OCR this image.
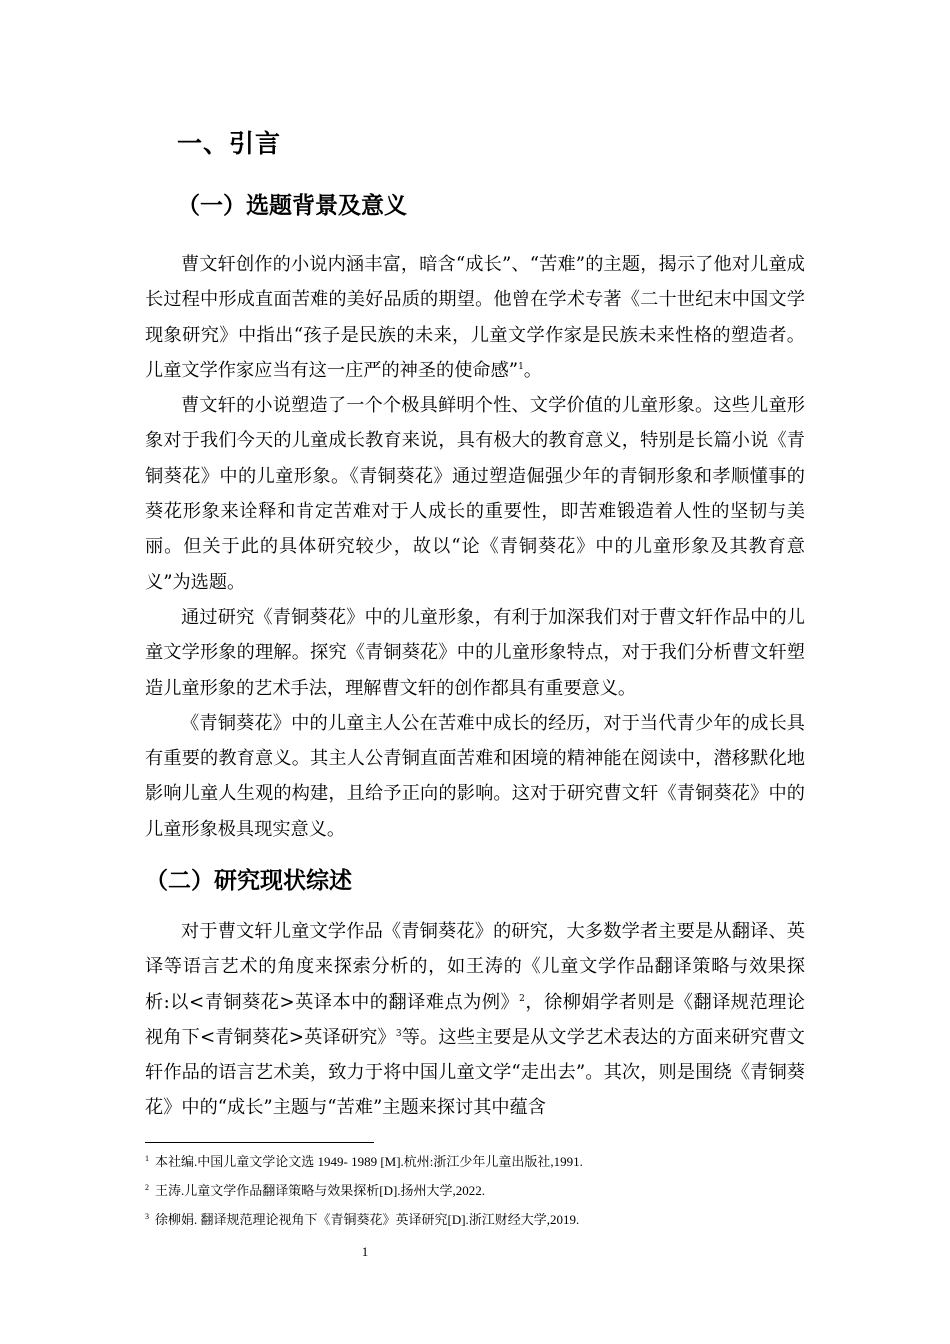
一、引言
（一）选题背景及意义

曹文轩创作的小说内涵丰富，暗含“成长”、“苦难”的主题，揭示了他对儿童成长过程中形成直面苦难的美好品质的期望。他曾在学术专著《二十世纪末中国文学现象研究》中指出“孩子是民族的未来，儿童文学作家是民族未来性格的塑造者。儿童文学作家应当有这一庄严的神圣的使命感”$^1$。

曹文轩的小说塑造了一个个极具鲜明个性、文学价值的儿童形象。这些儿童形象对于我们今天的儿童成长教育来说，具有极大的教育意义，特别是长篇小说《青铜葵花》中的儿童形象。《青铜葵花》通过塑造倔强少年的青铜形象和孝顺懂事的葵花形象来诠释和肯定苦难对于人成长的重要性，即苦难锻造着人性的坚韧与美丽。但关于此的具体研究较少，故以“论《青铜葵花》中的儿童形象及其教育意义”为选题。

通过研究《青铜葵花》中的儿童形象，有利于加深我们对于曹文轩作品中的儿童文学形象的理解。探究《青铜葵花》中的儿童形象特点，对于我们分析曹文轩塑造儿童形象的艺术手法，理解曹文轩的创作都具有重要意义。

《青铜葵花》中的儿童主人公在苦难中成长的经历，对于当代青少年的成长具有重要的教育意义。其主人公青铜直面苦难和困境的精神能在阅读中，潜移默化地影响儿童人生观的构建，且给予正向的影响。这对于研究曹文轩《青铜葵花》中的儿童形象极具现实意义。

（二）研究现状综述

对于曹文轩儿童文学作品《青铜葵花》的研究，大多数学者主要是从翻译、英译等语言艺术的角度来探索分析的，如王涛的《儿童文学作品翻译策略与效果探析:以<青铜葵花>英译本中的翻译难点为例》$^2$，徐柳娟学者则是《翻译规范理论视角下<青铜葵花>英译研究》$^3$等。这些主要是从文学艺术表达的方面来研究曹文轩作品的语言艺术美，致力于将中国儿童文学“走出去”。其次，则是围绕《青铜葵花》中的“成长”主题与“苦难”主题来探讨其中蕴含

$^1$ 本社编.中国儿童文学论文选 1949- 1989 [M].杭州:浙江少年儿童出版社,1991.

$^2$ 王涛.儿童文学作品翻译策略与效果探析[D].扬州大学,2022.

$^3$ 徐柳娟. 翻译规范理论视角下《青铜葵花》英译研究[D].浙江财经大学,2019.

1
